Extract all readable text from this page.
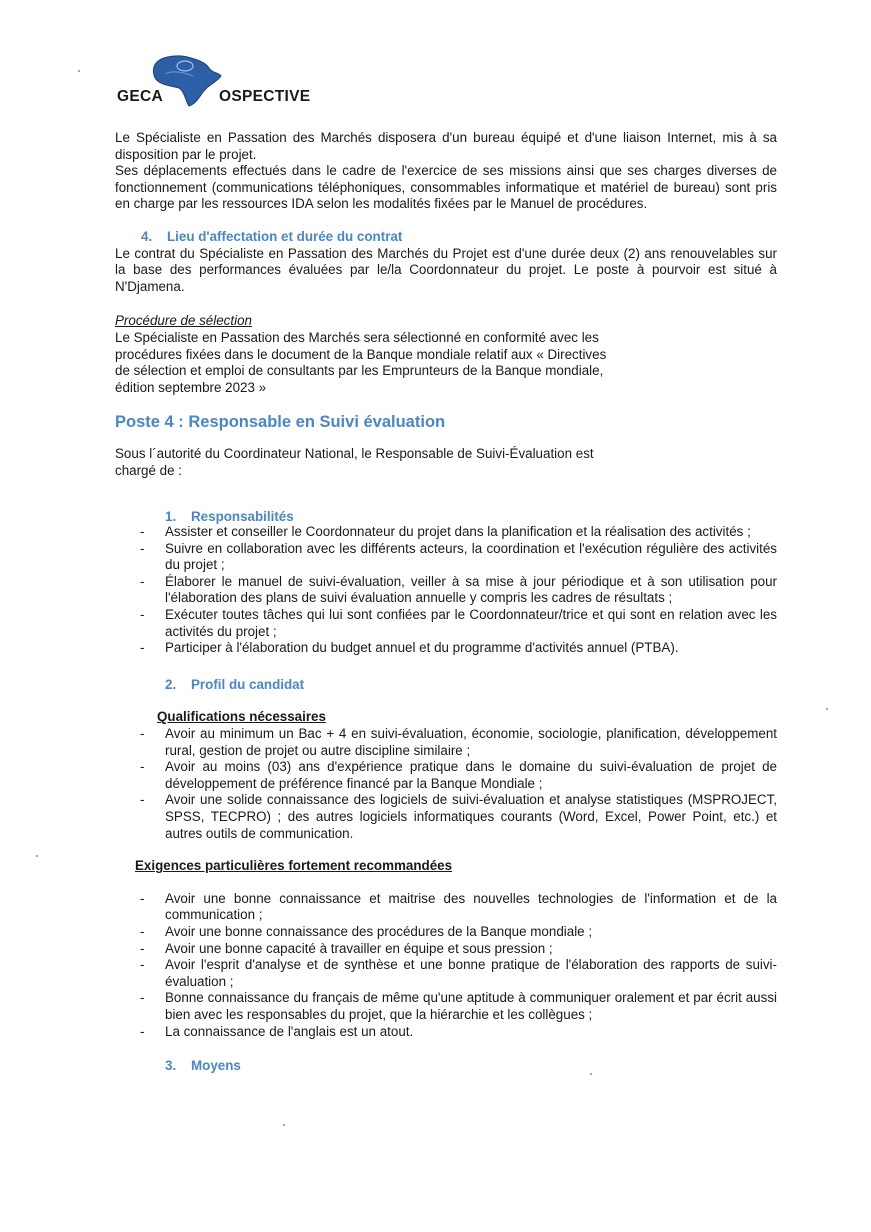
GECA	OSPECTIVE

Le Spécialiste en Passation des Marchés disposera d'un bureau équipé et d'une liaison Internet, mis à sa disposition par le projet.

Ses déplacements effectués dans le cadre de l'exercice de ses missions ainsi que ses charges diverses de fonctionnement (communications téléphoniques, consommables informatique et matériel de bureau) sont pris en charge par les ressources IDA selon les modalités fixées par le Manuel de procédures.

4. Lieu d'affectation et durée du contrat

Le contrat du Spécialiste en Passation des Marchés du Projet est d'une durée deux (2) ans renouvelables sur la base des performances évaluées par le/la Coordonnateur du projet. Le poste à pourvoir est situé à N'Djamena.

Procédure de sélection

Le Spécialiste en Passation des Marchés sera sélectionné en conformité avec les

procédures fixées dans le document de la Banque mondiale relatif aux « Directives

de sélection et emploi de consultants par les Emprunteurs de la Banque mondiale,

édition septembre 2023 »

Poste 4 : Responsable en Suivi évaluation

Sous l´autorité du Coordinateur National, le Responsable de Suivi-Évaluation est

chargé de :

1. Responsabilités

- Assister et conseiller le Coordonnateur du projet dans la planification et la réalisation des activités ;
- Suivre en collaboration avec les différents acteurs, la coordination et l'exécution régulière des activités du projet ;
- Élaborer le manuel de suivi-évaluation, veiller à sa mise à jour périodique et à son utilisation pour l'élaboration des plans de suivi évaluation annuelle y compris les cadres de résultats ;
- Exécuter toutes tâches qui lui sont confiées par le Coordonnateur/trice et qui sont en relation avec les activités du projet ;
- Participer à l'élaboration du budget annuel et du programme d'activités annuel (PTBA).

2. Profil du candidat

Qualifications nécessaires

- Avoir au minimum un Bac + 4 en suivi-évaluation, économie, sociologie, planification, développement rural, gestion de projet ou autre discipline similaire ;
- Avoir au moins (03) ans d'expérience pratique dans le domaine du suivi-évaluation de projet de développement de préférence financé par la Banque Mondiale ;
- Avoir une solide connaissance des logiciels de suivi-évaluation et analyse statistiques (MSPROJECT, SPSS, TECPRO) ; des autres logiciels informatiques courants (Word, Excel, Power Point, etc.) et autres outils de communication.

Exigences particulières fortement recommandées

- Avoir une bonne connaissance et maitrise des nouvelles technologies de l'information et de la communication ;
- Avoir une bonne connaissance des procédures de la Banque mondiale ;
- Avoir une bonne capacité à travailler en équipe et sous pression ;
- Avoir l'esprit d'analyse et de synthèse et une bonne pratique de l'élaboration des rapports de suivi-évaluation ;
- Bonne connaissance du français de même qu'une aptitude à communiquer oralement et par écrit aussi bien avec les responsables du projet, que la hiérarchie et les collègues ;
- La connaissance de l'anglais est un atout.

3. Moyens
